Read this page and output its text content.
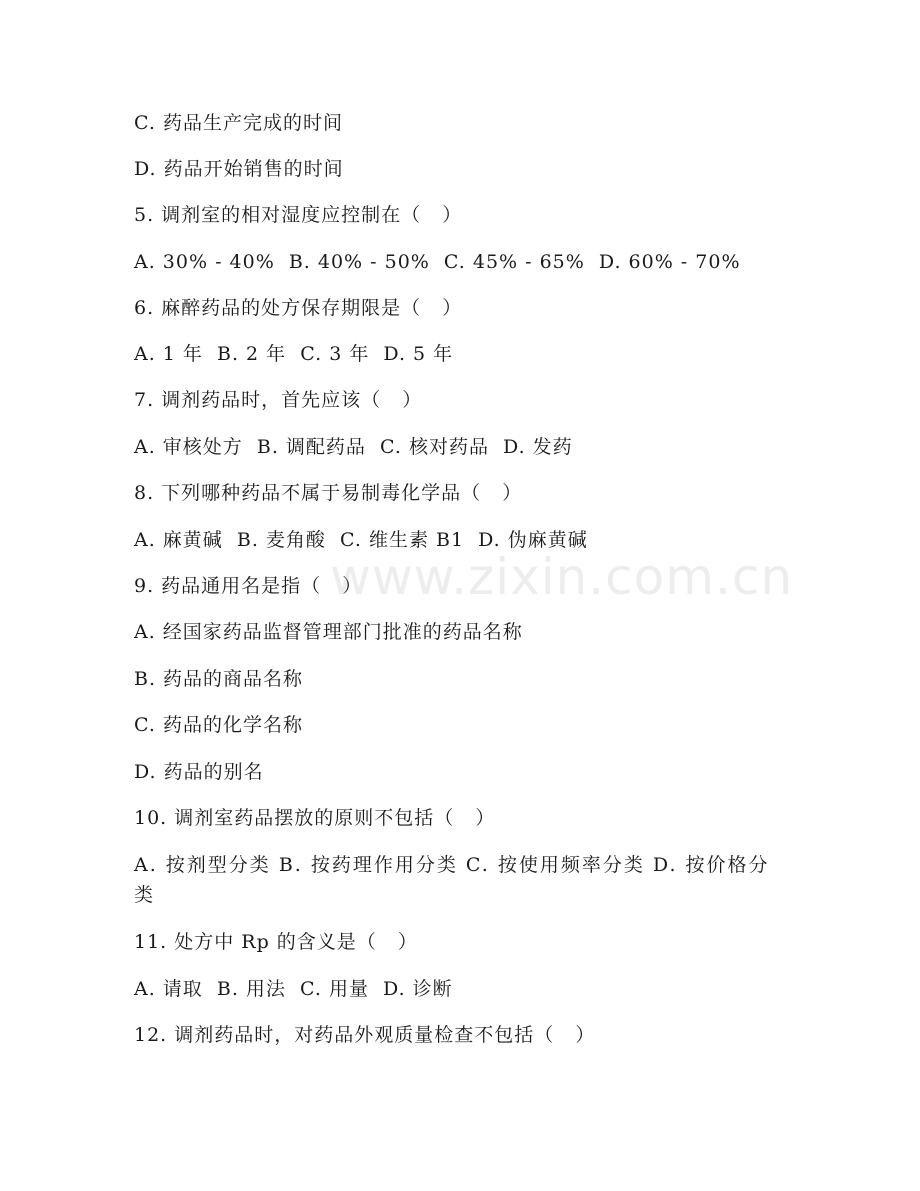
C. 药品生产完成的时间
D. 药品开始销售的时间
5. 调剂室的相对湿度应控制在（   ）
A. 30% - 40%  B. 40% - 50%  C. 45% - 65%  D. 60% - 70%
6. 麻醉药品的处方保存期限是（   ）
A. 1 年  B. 2 年  C. 3 年  D. 5 年
7. 调剂药品时，首先应该（   ）
A. 审核处方  B. 调配药品  C. 核对药品  D. 发药
8. 下列哪种药品不属于易制毒化学品（   ）
A. 麻黄碱  B. 麦角酸  C. 维生素 B1  D. 伪麻黄碱
9. 药品通用名是指（   ）
A. 经国家药品监督管理部门批准的药品名称
B. 药品的商品名称
C. 药品的化学名称
D. 药品的别名
10. 调剂室药品摆放的原则不包括（   ）
A. 按剂型分类 B. 按药理作用分类 C. 按使用频率分类 D. 按价格分类
11. 处方中 Rp 的含义是（   ）
A. 请取  B. 用法  C. 用量  D. 诊断
12. 调剂药品时，对药品外观质量检查不包括（   ）
www.zixin.com.cn
